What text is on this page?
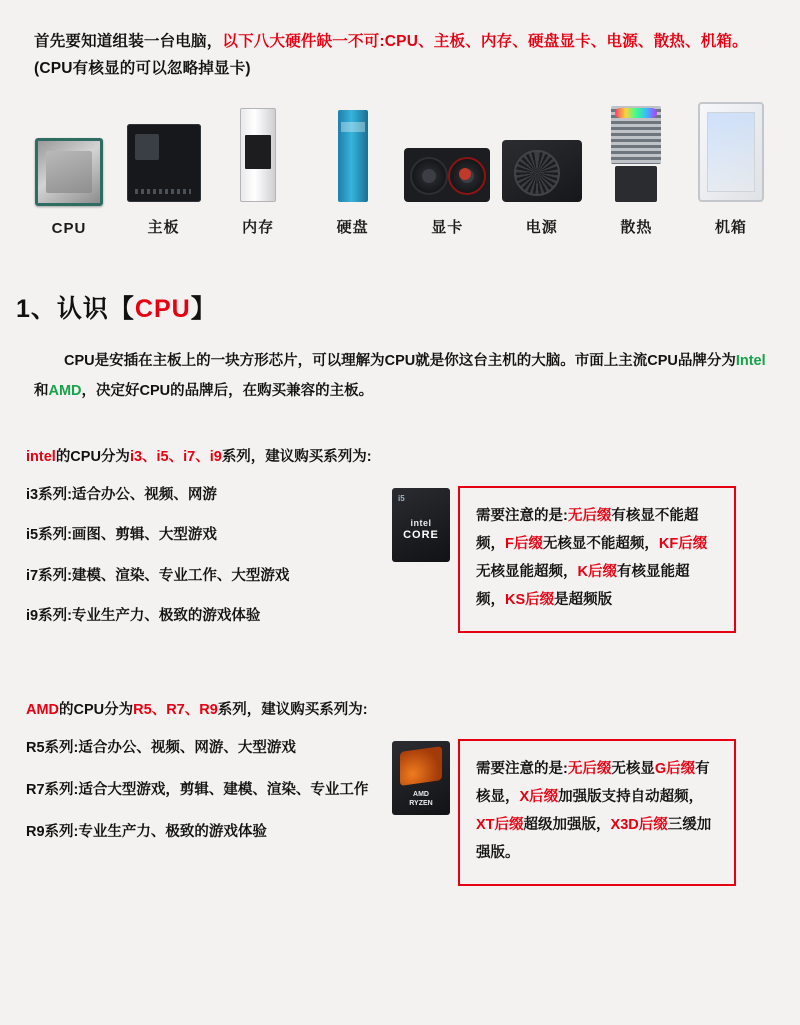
首先要知道组装一台电脑，以下八大硬件缺一不可:CPU、主板、内存、硬盘显卡、电源、散热、机箱。(CPU有核显的可以忽略掉显卡)
CPU	主板	内存	硬盘	显卡	电源	散热	机箱
1、认识【CPU】
CPU是安插在主板上的一块方形芯片，可以理解为CPU就是你这台主机的大脑。市面上主流CPU品牌分为Intel和AMD，决定好CPU的品牌后，在购买兼容的主板。
intel的CPU分为i3、i5、i7、i9系列，建议购买系列为:
i3系列:适合办公、视频、网游
i5系列:画图、剪辑、大型游戏
i7系列:建模、渲染、专业工作、大型游戏
i9系列:专业生产力、极致的游戏体验
i5
intel
CORE
需要注意的是:无后缀有核显不能超频，F后缀无核显不能超频，KF后缀无核显能超频，K后缀有核显能超频，KS后缀是超频版
AMD的CPU分为R5、R7、R9系列，建议购买系列为:
R5系列:适合办公、视频、网游、大型游戏
R7系列:适合大型游戏，剪辑、建模、渲染、专业工作
R9系列:专业生产力、极致的游戏体验
AMD
RYZEN
需要注意的是:无后缀无核显G后缀有核显，X后缀加强版支持自动超频，XT后缀超级加强版，X3D后缀三缓加强版。
